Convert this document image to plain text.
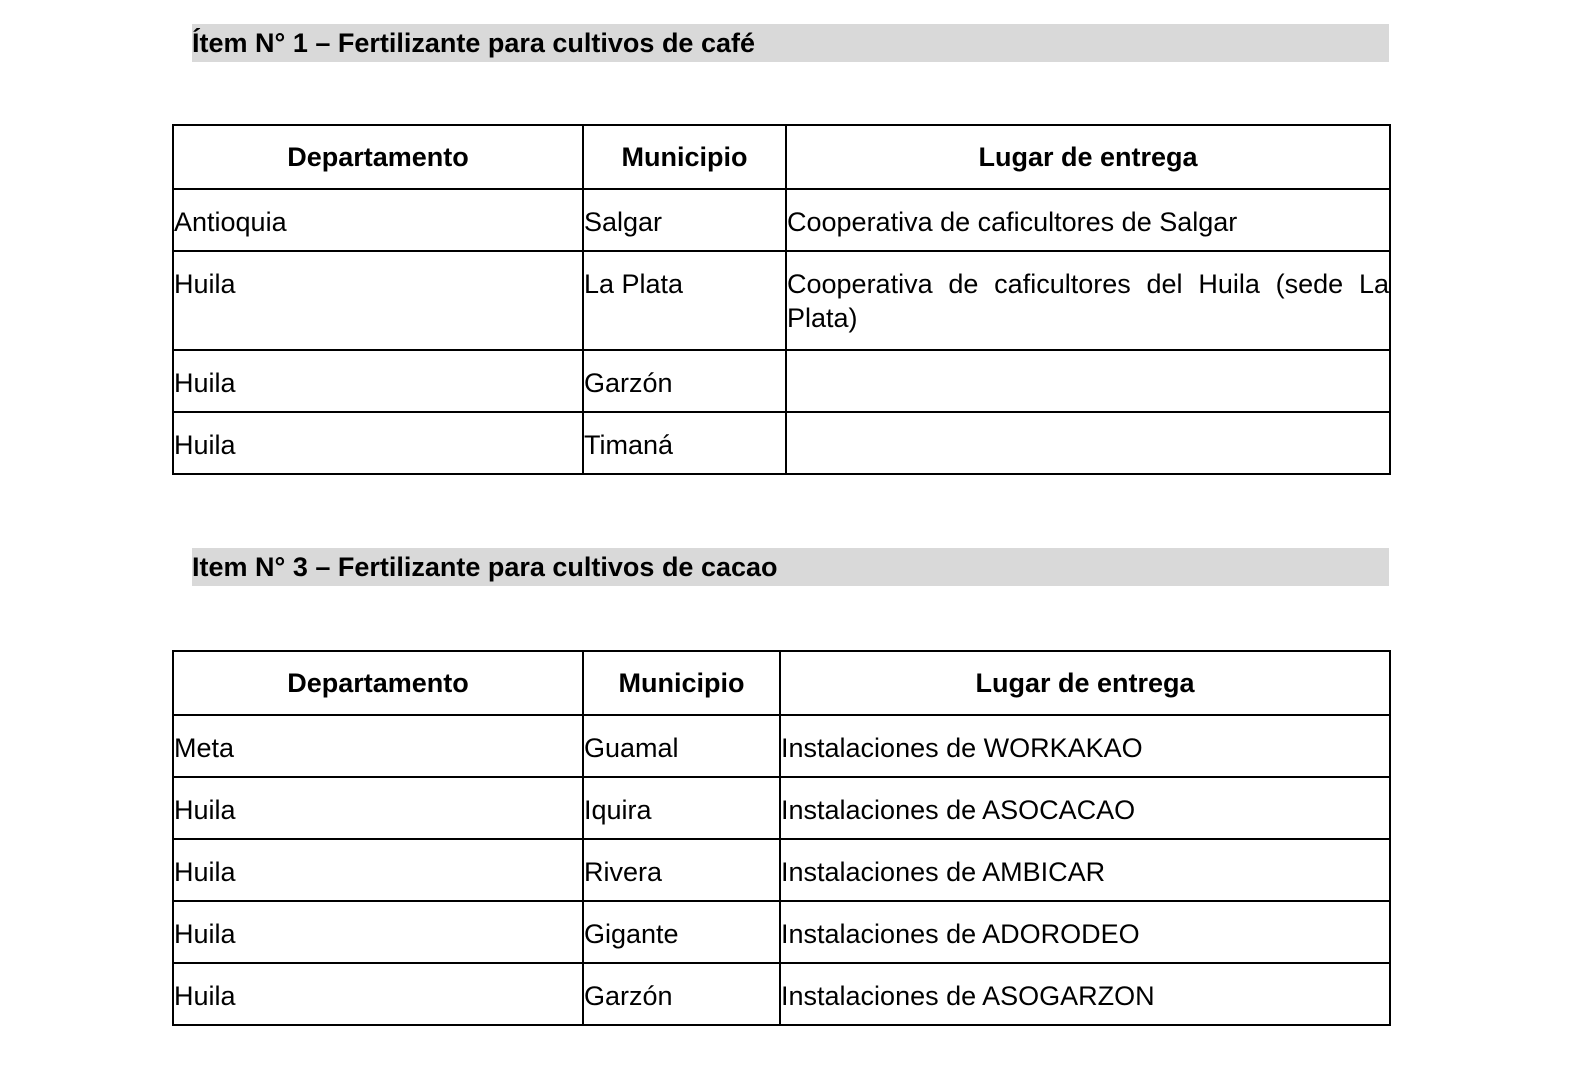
Ítem N° 1 – Fertilizante para cultivos de café
Departamento	Municipio	Lugar de entrega
Antioquia	Salgar	Cooperativa de caficultores de Salgar
Huila	La Plata	Cooperativa de caficultores del Huila (sede La Plata)
Huila	Garzón	
Huila	Timaná	
Item N° 3 – Fertilizante para cultivos de cacao
Departamento	Municipio	Lugar de entrega
Meta	Guamal	Instalaciones de WORKAKAO
Huila	Iquira	Instalaciones de ASOCACAO
Huila	Rivera	Instalaciones de AMBICAR
Huila	Gigante	Instalaciones de ADORODEO
Huila	Garzón	Instalaciones de ASOGARZON
